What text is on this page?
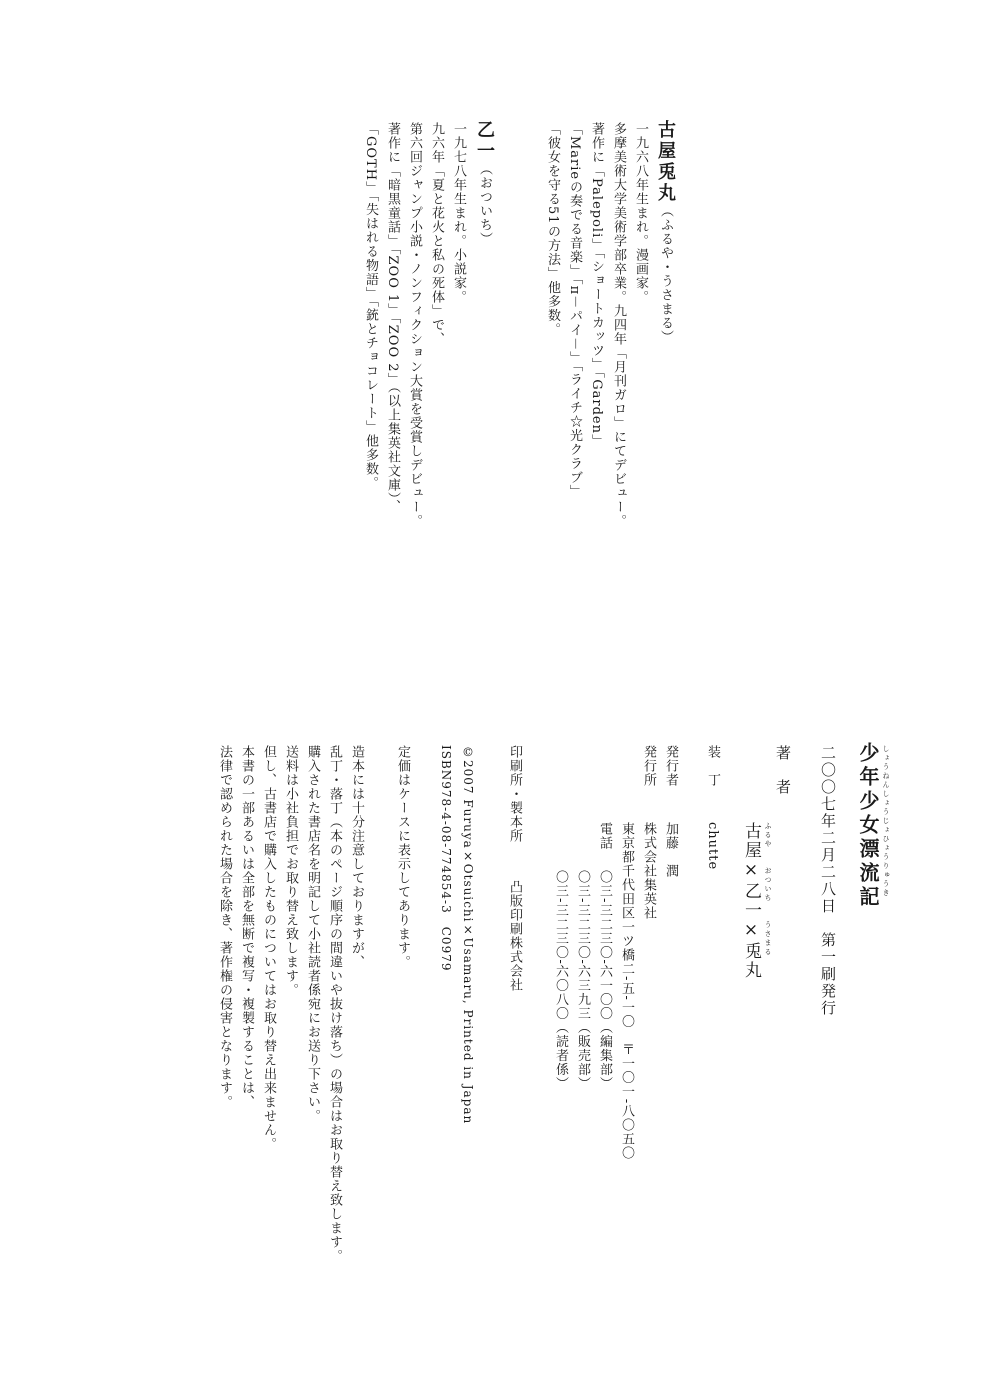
古屋兎丸（ふるや・うさまる）
一九六八年生まれ。漫画家。
多摩美術大学美術学部卒業。九四年「月刊ガロ」にてデビュー。
著作に「Palepoli」「ショートカッツ」「Garden」
「Marieの奏でる音楽」「π－パイ－」「ライチ☆光クラブ」
「彼女を守る51の方法」他多数。
乙一（おついち）
一九七八年生まれ。小説家。
九六年「夏と花火と私の死体」で、
第六回ジャンプ小説・ノンフィクション大賞を受賞しデビュー。
著作に「暗黒童話」「ZOO 1」「ZOO 2」（以上集英社文庫）、
「GOTH」「失はれる物語」「銃とチョコレート」他多数。
しょうねんしょうじょひょうりゅうき
少年少女漂流記
二〇〇七年二月二八日　第一刷発行
著　者
ふるや　　おついち　　うさまる
古屋×乙一×兎丸
装　丁
chutte
発行者
加藤　潤
発行所
株式会社集英社
東京都千代田区一ツ橋二-五-一〇　〒一〇一-八〇五〇
電話
〇三-三二三〇-六一〇〇（編集部）
〇三-三二三〇-六三九三（販売部）
〇三-三二三〇-六〇八〇（読者係）
印刷所・製本所
凸版印刷株式会社
©2007 Furuya×Otsuichi×Usamaru, Printed in Japan
ISBN978-4-08-774854-3　C0979
定価はケースに表示してあります。
造本には十分注意しておりますが、
乱丁・落丁（本のページ順序の間違いや抜け落ち）の場合はお取り替え致します。
購入された書店名を明記して小社読者係宛にお送り下さい。
送料は小社負担でお取り替え致します。
但し、古書店で購入したものについてはお取り替え出来ません。
本書の一部あるいは全部を無断で複写・複製することは、
法律で認められた場合を除き、著作権の侵害となります。
